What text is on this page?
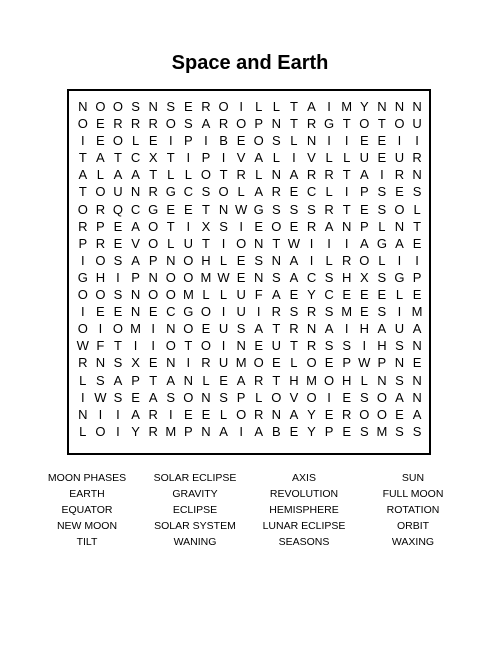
Space and Earth
N O O S N S E R O I L L T A I M Y N N N
O E R R R O S A R O P N T R G T O T O U
I E O L E I P I B E O S L N I	I E E I	I
T A T C X T I P I V A L I V L L U E U R
A L A A T L L O T R L N A R R T A I R N
T O U N R G C S O L A R E C L I P S E S
O R Q C G E E T N W G S S S R T E S O L
R P E A O T I X S I E O E R A N P L N T
P R E V O L U T I O N T W I	I	I A G A E
I O S A P N O H L E S N A I L R O L I	I
G H I P N O O M W E N S A C S H X S G P
O O S N O O M L L U F A E Y C E E E L E
I E E N E C G O I U I R S R S M E S I M
O I O M I N O E U S A T R N A I H A U A
W F T I	I O T O I N E U T R S S I H S N
R N S X E N I R U M O E L O E P W P N E
L S A P T A N L E A R T H M O H L N S N
I W S E A S O N S P L O V O I E S O A N
N I	I A R I E E L O R N A Y E R O O E A
L O I Y R M P N A I A B E Y P E S M S S
MOON PHASES	SOLAR ECLIPSE	AXIS	SUN
EARTH	GRAVITY	REVOLUTION	FULL MOON
EQUATOR	ECLIPSE	HEMISPHERE	ROTATION
NEW MOON	SOLAR SYSTEM	LUNAR ECLIPSE	ORBIT
TILT	WANING	SEASONS	WAXING
